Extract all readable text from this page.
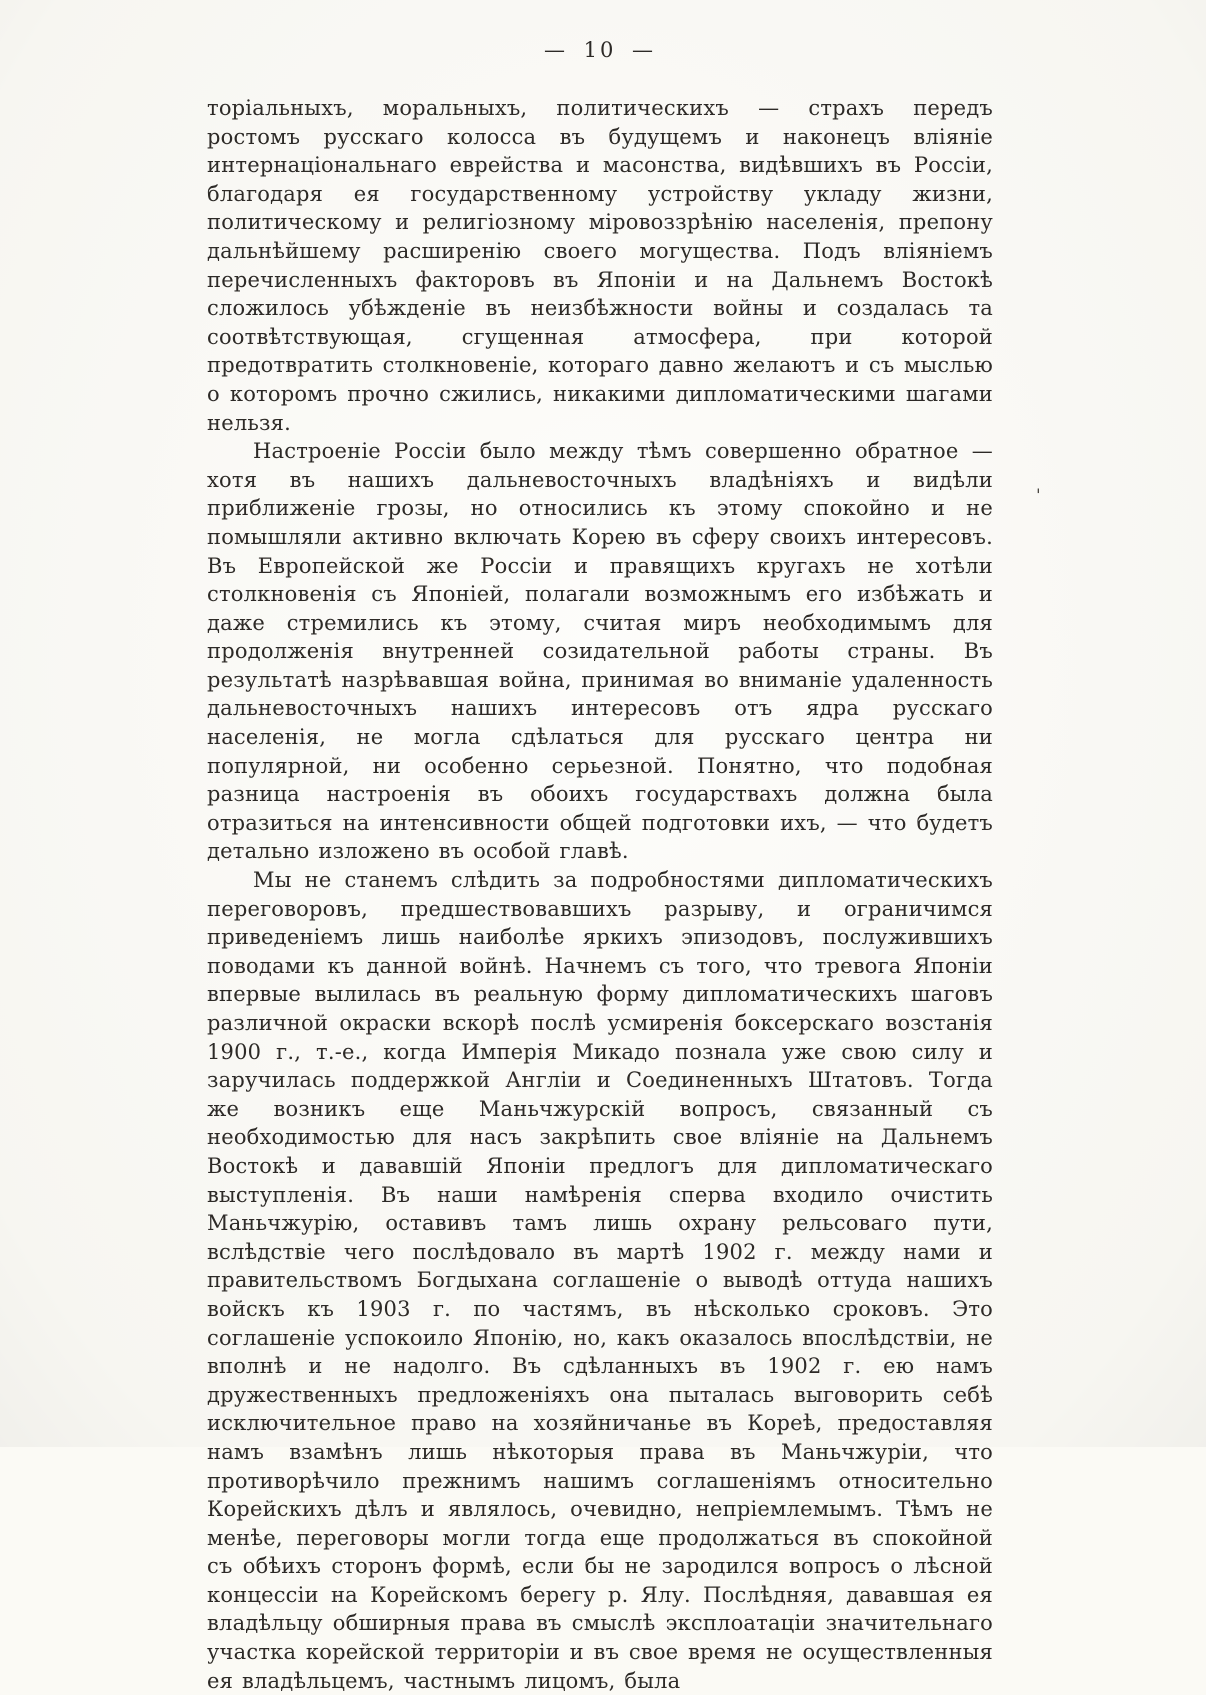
— 10 —

торіальныхъ, моральныхъ, политическихъ — страхъ передъ ростомъ русскаго колосса въ будущемъ и наконецъ вліяніе интернаціональнаго еврейства и масонства, видѣвшихъ въ Россіи, благодаря ея государственному устройству укладу жизни, политическому и религіозному міровоззрѣнію населенія, препону дальнѣйшему расширенію своего могущества. Подъ вліяніемъ перечисленныхъ факторовъ въ Японіи и на Дальнемъ Востокѣ сложилось убѣжденіе въ неизбѣжности войны и создалась та соотвѣтствующая, сгущенная атмосфера, при которой предотвратить столкновеніе, котораго давно желаютъ и съ мыслью о которомъ прочно сжились, никакими дипломатическими шагами нельзя.

Настроеніе Россіи было между тѣмъ совершенно обратное — хотя въ нашихъ дальневосточныхъ владѣніяхъ и видѣли приближеніе грозы, но относились къ этому спокойно и не помышляли активно включать Корею въ сферу своихъ интересовъ. Въ Европейской же Россіи и правящихъ кругахъ не хотѣли столкновенія съ Японіей, полагали возможнымъ его избѣжать и даже стремились къ этому, считая миръ необходимымъ для продолженія внутренней созидательной работы страны. Въ результатѣ назрѣвавшая война, принимая во вниманіе удаленность дальневосточныхъ нашихъ интересовъ отъ ядра русскаго населенія, не могла сдѣлаться для русскаго центра ни популярной, ни особенно серьезной. Понятно, что подобная разница настроенія въ обоихъ государствахъ должна была отразиться на интенсивности общей подготовки ихъ, — что будетъ детально изложено въ особой главѣ.

Мы не станемъ слѣдить за подробностями дипломатическихъ переговоровъ, предшествовавшихъ разрыву, и ограничимся приведеніемъ лишь наиболѣе яркихъ эпизодовъ, послужившихъ поводами къ данной войнѣ. Начнемъ съ того, что тревога Японіи впервые вылилась въ реальную форму дипломатическихъ шаговъ различной окраски вскорѣ послѣ усмиренія боксерскаго возстанія 1900 г., т.-е., когда Имперія Микадо познала уже свою силу и заручилась поддержкой Англіи и Соединенныхъ Штатовъ. Тогда же возникъ еще Маньчжурскій вопросъ, связанный съ необходимостью для насъ закрѣпить свое вліяніе на Дальнемъ Востокѣ и дававшій Японіи предлогъ для дипломатическаго выступленія. Въ наши намѣренія сперва входило очистить Маньчжурію, оставивъ тамъ лишь охрану рельсоваго пути, вслѣдствіе чего послѣдовало въ мартѣ 1902 г. между нами и правительствомъ Богдыхана соглашеніе о выводѣ оттуда нашихъ войскъ къ 1903 г. по частямъ, въ нѣсколько сроковъ. Это соглашеніе успокоило Японію, но, какъ оказалось впослѣдствіи, не вполнѣ и не надолго. Въ сдѣланныхъ въ 1902 г. ею намъ дружественныхъ предложеніяхъ она пыталась выговорить себѣ исключительное право на хозяйничанье въ Кореѣ, предоставляя намъ взамѣнъ лишь нѣкоторыя права въ Маньчжуріи, что противорѣчило прежнимъ нашимъ соглашеніямъ относительно Корейскихъ дѣлъ и являлось, очевидно, непріемлемымъ. Тѣмъ не менѣе, переговоры могли тогда еще продолжаться въ спокойной съ обѣихъ сторонъ формѣ, если бы не зародился вопросъ о лѣсной концессіи на Корейскомъ берегу р. Ялу. Послѣдняя, дававшая ея владѣльцу обширныя права въ смыслѣ эксплоатаціи значительнаго участка корейской территоріи и въ свое время не осуществленныя ея владѣльцемъ, частнымъ лицомъ, была

'
